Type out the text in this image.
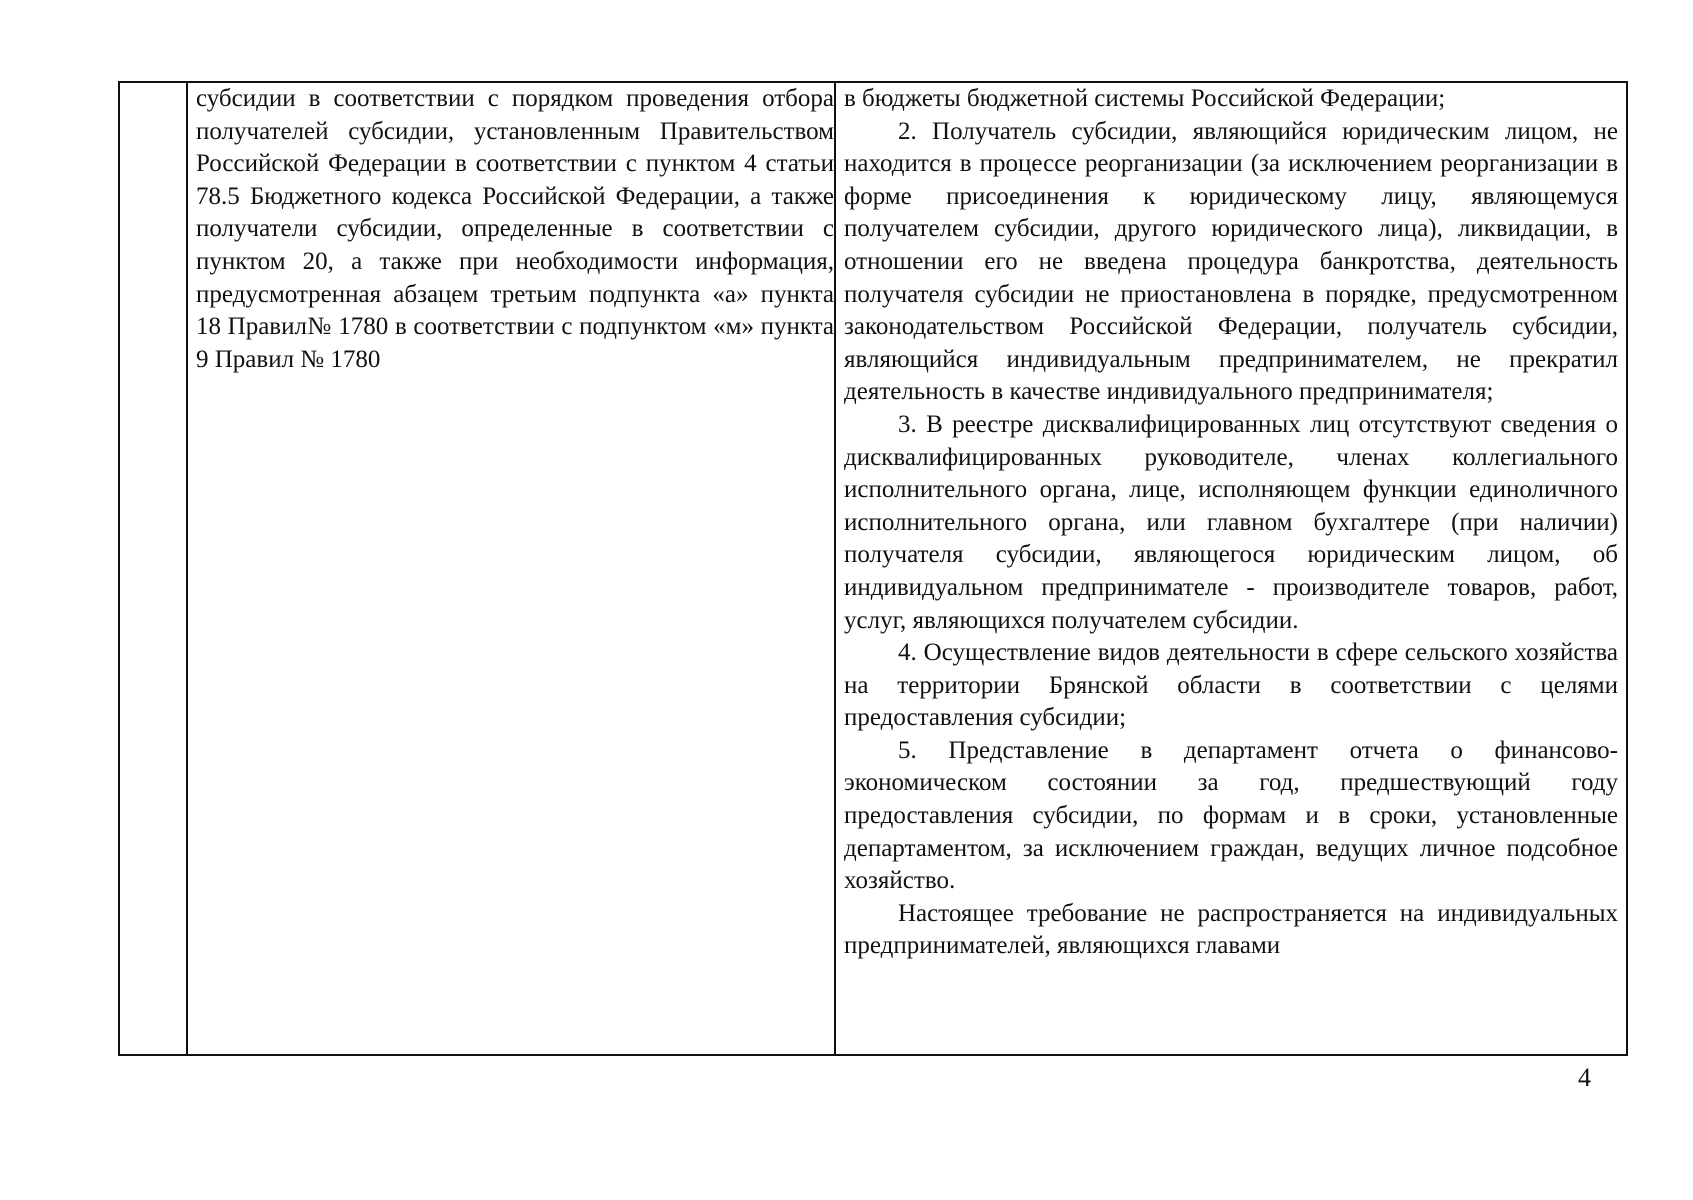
субсидии в соответствии с порядком проведения отбора получателей субсидии, установленным Правительством Российской Федерации в соответствии с пунктом 4 статьи 78.5 Бюджетного кодекса Российской Федерации, а также получатели субсидии, определенные в соответствии с пунктом 20, а также при необходимости информация, предусмотренная абзацем третьим подпункта «а» пункта 18 Правил№ 1780 в соответствии с подпунктом «м» пункта 9 Правил № 1780

в бюджеты бюджетной системы Российской Федерации;

2. Получатель субсидии, являющийся юридическим лицом, не находится в процессе реорганизации (за исключением реорганизации в форме присоединения к юридическому лицу, являющемуся получателем субсидии, другого юридического лица), ликвидации, в отношении его не введена процедура банкротства, деятельность получателя субсидии не приостановлена в порядке, предусмотренном законодательством Российской Федерации, получатель субсидии, являющийся индивидуальным предпринимателем, не прекратил деятельность в качестве индивидуального предпринимателя;

3. В реестре дисквалифицированных лиц отсутствуют сведения о дисквалифицированных руководителе, членах коллегиального исполнительного органа, лице, исполняющем функции единоличного исполнительного органа, или главном бухгалтере (при наличии) получателя субсидии, являющегося юридическим лицом, об индивидуальном предпринимателе - производителе товаров, работ, услуг, являющихся получателем субсидии.

4. Осуществление видов деятельности в сфере сельского хозяйства на территории Брянской области в соответствии с целями предоставления субсидии;

5. Представление в департамент отчета о финансово-экономическом состоянии за год, предшествующий году предоставления субсидии, по формам и в сроки, установленные департаментом, за исключением граждан, ведущих личное подсобное хозяйство.

Настоящее требование не распространяется на индивидуальных предпринимателей, являющихся главами

4
